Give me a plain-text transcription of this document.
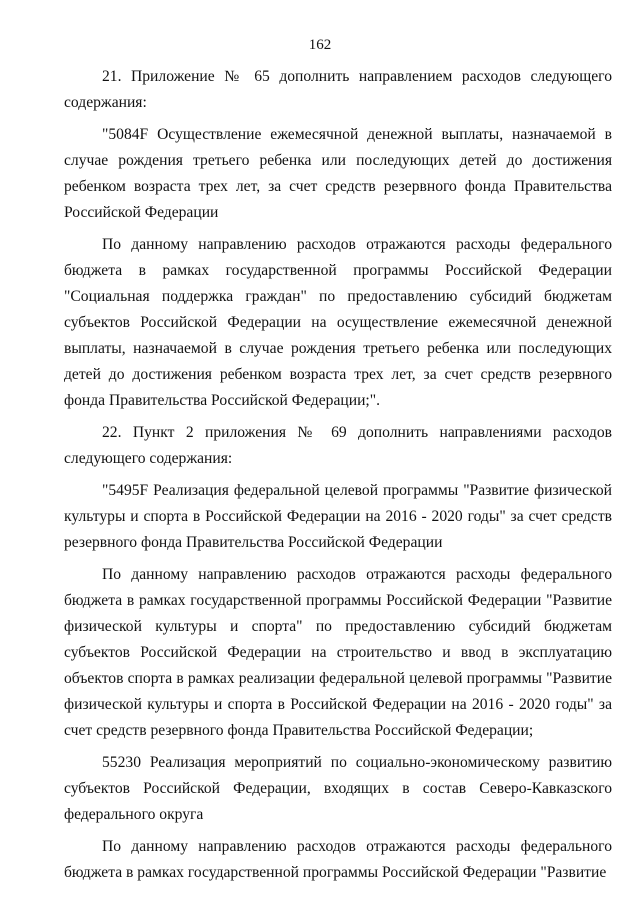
162

21. Приложение № 65 дополнить направлением расходов следующего содержания:

"5084F Осуществление ежемесячной денежной выплаты, назначаемой в случае рождения третьего ребенка или последующих детей до достижения ребенком возраста трех лет, за счет средств резервного фонда Правительства Российской Федерации

По данному направлению расходов отражаются расходы федерального бюджета в рамках государственной программы Российской Федерации "Социальная поддержка граждан" по предоставлению субсидий бюджетам субъектов Российской Федерации на осуществление ежемесячной денежной выплаты, назначаемой в случае рождения третьего ребенка или последующих детей до достижения ребенком возраста трех лет, за счет средств резервного фонда Правительства Российской Федерации;".

22. Пункт 2 приложения № 69 дополнить направлениями расходов следующего содержания:

"5495F Реализация федеральной целевой программы "Развитие физической культуры и спорта в Российской Федерации на 2016 - 2020 годы" за счет средств резервного фонда Правительства Российской Федерации

По данному направлению расходов отражаются расходы федерального бюджета в рамках государственной программы Российской Федерации "Развитие физической культуры и спорта" по предоставлению субсидий бюджетам субъектов Российской Федерации на строительство и ввод в эксплуатацию объектов спорта в рамках реализации федеральной целевой программы "Развитие физической культуры и спорта в Российской Федерации на 2016 - 2020 годы" за счет средств резервного фонда Правительства Российской Федерации;

55230 Реализация мероприятий по социально-экономическому развитию субъектов Российской Федерации, входящих в состав Северо-Кавказского федерального округа

По данному направлению расходов отражаются расходы федерального бюджета в рамках государственной программы Российской Федерации "Развитие
